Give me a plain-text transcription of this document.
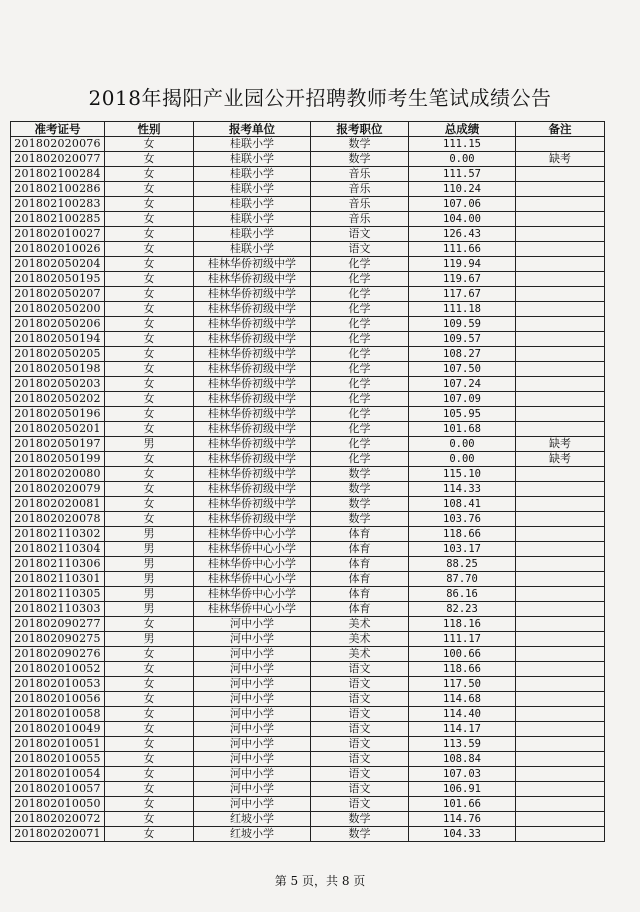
2018年揭阳产业园公开招聘教师考生笔试成绩公告
准考证号	性别	报考单位	报考职位	总成绩	备注
201802020076	女	桂联小学	数学	111.15	
201802020077	女	桂联小学	数学	0.00	缺考
201802100284	女	桂联小学	音乐	111.57	
201802100286	女	桂联小学	音乐	110.24	
201802100283	女	桂联小学	音乐	107.06	
201802100285	女	桂联小学	音乐	104.00	
201802010027	女	桂联小学	语文	126.43	
201802010026	女	桂联小学	语文	111.66	
201802050204	女	桂林华侨初级中学	化学	119.94	
201802050195	女	桂林华侨初级中学	化学	119.67	
201802050207	女	桂林华侨初级中学	化学	117.67	
201802050200	女	桂林华侨初级中学	化学	111.18	
201802050206	女	桂林华侨初级中学	化学	109.59	
201802050194	女	桂林华侨初级中学	化学	109.57	
201802050205	女	桂林华侨初级中学	化学	108.27	
201802050198	女	桂林华侨初级中学	化学	107.50	
201802050203	女	桂林华侨初级中学	化学	107.24	
201802050202	女	桂林华侨初级中学	化学	107.09	
201802050196	女	桂林华侨初级中学	化学	105.95	
201802050201	女	桂林华侨初级中学	化学	101.68	
201802050197	男	桂林华侨初级中学	化学	0.00	缺考
201802050199	女	桂林华侨初级中学	化学	0.00	缺考
201802020080	女	桂林华侨初级中学	数学	115.10	
201802020079	女	桂林华侨初级中学	数学	114.33	
201802020081	女	桂林华侨初级中学	数学	108.41	
201802020078	女	桂林华侨初级中学	数学	103.76	
201802110302	男	桂林华侨中心小学	体育	118.66	
201802110304	男	桂林华侨中心小学	体育	103.17	
201802110306	男	桂林华侨中心小学	体育	88.25	
201802110301	男	桂林华侨中心小学	体育	87.70	
201802110305	男	桂林华侨中心小学	体育	86.16	
201802110303	男	桂林华侨中心小学	体育	82.23	
201802090277	女	河中小学	美术	118.16	
201802090275	男	河中小学	美术	111.17	
201802090276	女	河中小学	美术	100.66	
201802010052	女	河中小学	语文	118.66	
201802010053	女	河中小学	语文	117.50	
201802010056	女	河中小学	语文	114.68	
201802010058	女	河中小学	语文	114.40	
201802010049	女	河中小学	语文	114.17	
201802010051	女	河中小学	语文	113.59	
201802010055	女	河中小学	语文	108.84	
201802010054	女	河中小学	语文	107.03	
201802010057	女	河中小学	语文	106.91	
201802010050	女	河中小学	语文	101.66	
201802020072	女	红坡小学	数学	114.76	
201802020071	女	红坡小学	数学	104.33	
第 5 页，共 8 页
